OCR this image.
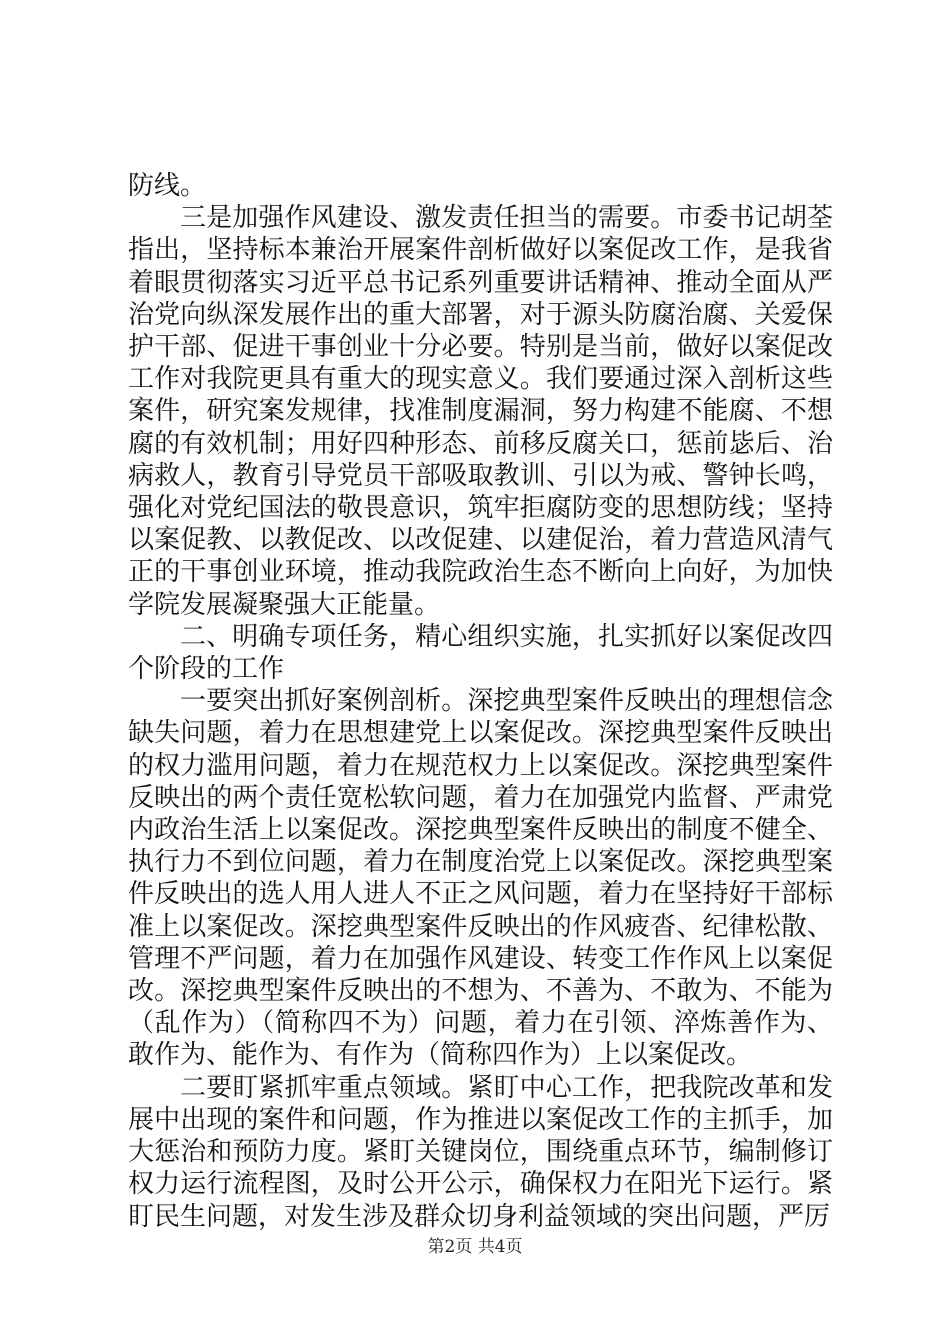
防线。

三是加强作风建设、激发责任担当的需要。市委书记胡荃指出，坚持标本兼治开展案件剖析做好以案促改工作，是我省着眼贯彻落实习近平总书记系列重要讲话精神、推动全面从严治党向纵深发展作出的重大部署，对于源头防腐治腐、关爱保护干部、促进干事创业十分必要。特别是当前，做好以案促改工作对我院更具有重大的现实意义。我们要通过深入剖析这些案件，研究案发规律，找准制度漏洞，努力构建不能腐、不想腐的有效机制；用好四种形态、前移反腐关口，惩前毖后、治病救人，教育引导党员干部吸取教训、引以为戒、警钟长鸣，强化对党纪国法的敬畏意识，筑牢拒腐防变的思想防线；坚持以案促教、以教促改、以改促建、以建促治，着力营造风清气正的干事创业环境，推动我院政治生态不断向上向好，为加快学院发展凝聚强大正能量。

二、明确专项任务，精心组织实施，扎实抓好以案促改四个阶段的工作

一要突出抓好案例剖析。深挖典型案件反映出的理想信念缺失问题，着力在思想建党上以案促改。深挖典型案件反映出的权力滥用问题，着力在规范权力上以案促改。深挖典型案件反映出的两个责任宽松软问题，着力在加强党内监督、严肃党内政治生活上以案促改。深挖典型案件反映出的制度不健全、执行力不到位问题，着力在制度治党上以案促改。深挖典型案件反映出的选人用人进人不正之风问题，着力在坚持好干部标准上以案促改。深挖典型案件反映出的作风疲沓、纪律松散、管理不严问题，着力在加强作风建设、转变工作作风上以案促改。深挖典型案件反映出的不想为、不善为、不敢为、不能为（乱作为）（简称四不为）问题，着力在引领、淬炼善作为、敢作为、能作为、有作为（简称四作为）上以案促改。

二要盯紧抓牢重点领域。紧盯中心工作，把我院改革和发展中出现的案件和问题，作为推进以案促改工作的主抓手，加大惩治和预防力度。紧盯关键岗位，围绕重点环节，编制修订权力运行流程图，及时公开公示，确保权力在阳光下运行。紧盯民生问题，对发生涉及群众切身利益领域的突出问题，严厉

第2页 共4页
